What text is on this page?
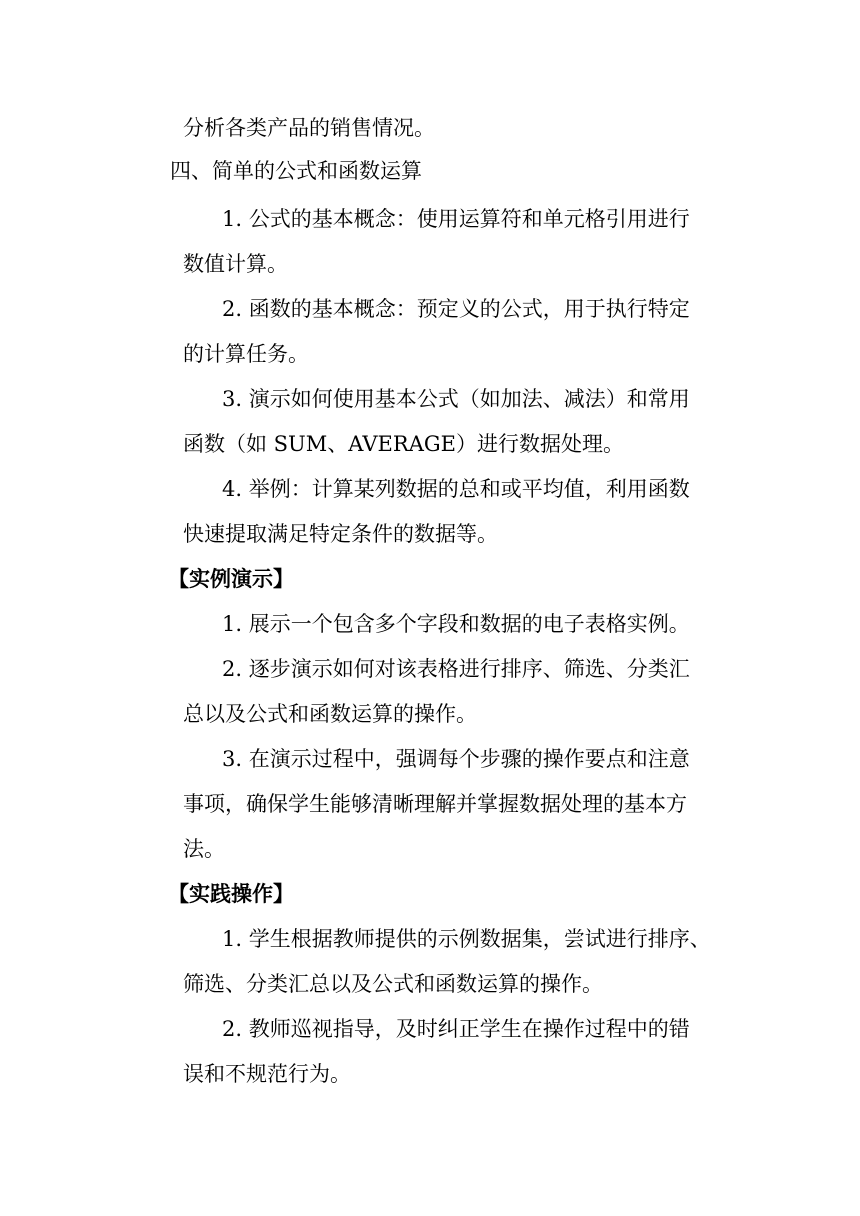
分析各类产品的销售情况。
四、简单的公式和函数运算
1. 公式的基本概念：使用运算符和单元格引用进行
数值计算。
2. 函数的基本概念：预定义的公式，用于执行特定
的计算任务。
3. 演示如何使用基本公式（如加法、减法）和常用
函数（如 SUM、AVERAGE）进行数据处理。
4. 举例：计算某列数据的总和或平均值，利用函数
快速提取满足特定条件的数据等。
【实例演示】
1. 展示一个包含多个字段和数据的电子表格实例。
2. 逐步演示如何对该表格进行排序、筛选、分类汇
总以及公式和函数运算的操作。
3. 在演示过程中，强调每个步骤的操作要点和注意
事项，确保学生能够清晰理解并掌握数据处理的基本方
法。
【实践操作】
1. 学生根据教师提供的示例数据集，尝试进行排序、
筛选、分类汇总以及公式和函数运算的操作。
2. 教师巡视指导，及时纠正学生在操作过程中的错
误和不规范行为。
